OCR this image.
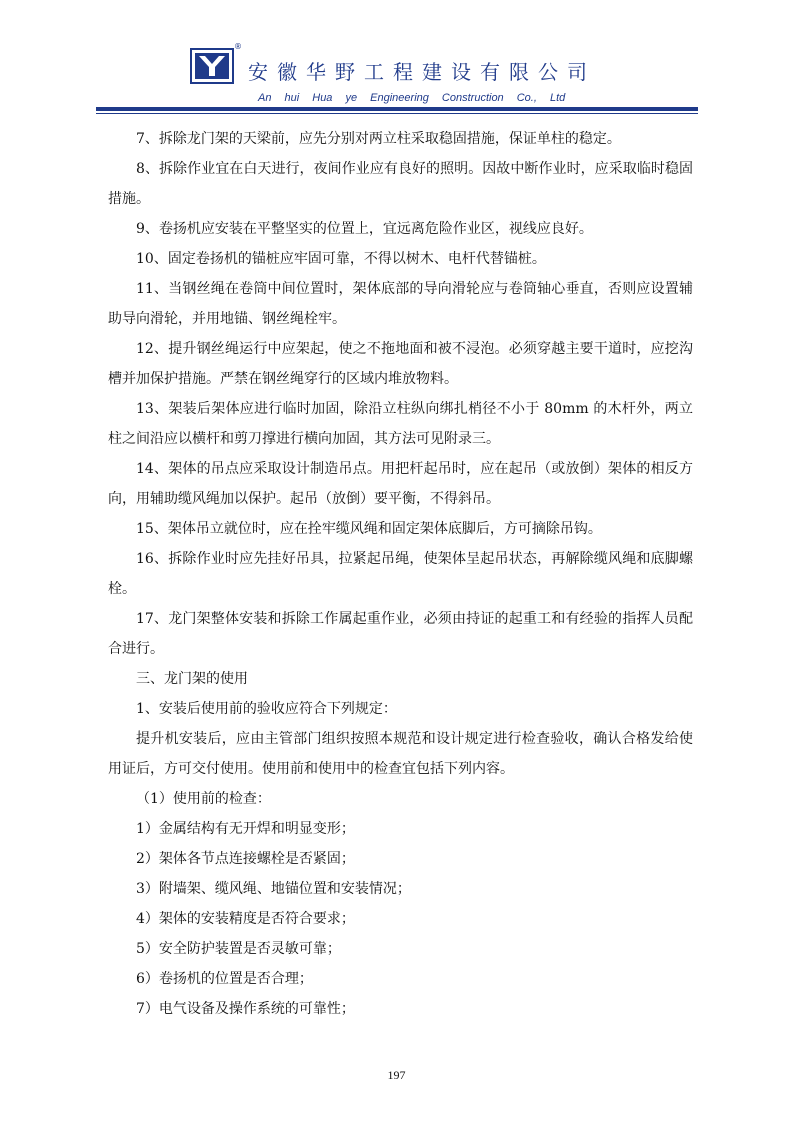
®
安徽华野工程建设有限公司
An hui Hua ye Engineering Construction Co., Ltd

7、拆除龙门架的天梁前，应先分别对两立柱采取稳固措施，保证单柱的稳定。

8、拆除作业宜在白天进行，夜间作业应有良好的照明。因故中断作业时，应采取临时稳固措施。

9、卷扬机应安装在平整坚实的位置上，宜远离危险作业区，视线应良好。

10、固定卷扬机的锚桩应牢固可靠，不得以树木、电杆代替锚桩。

11、当钢丝绳在卷筒中间位置时，架体底部的导向滑轮应与卷筒轴心垂直，否则应设置辅助导向滑轮，并用地锚、钢丝绳栓牢。

12、提升钢丝绳运行中应架起，使之不拖地面和被不浸泡。必须穿越主要干道时，应挖沟槽并加保护措施。严禁在钢丝绳穿行的区域内堆放物料。

13、架装后架体应进行临时加固，除沿立柱纵向绑扎梢径不小于 80mm 的木杆外，两立柱之间沿应以横杆和剪刀撑进行横向加固，其方法可见附录三。

14、架体的吊点应采取设计制造吊点。用把杆起吊时，应在起吊（或放倒）架体的相反方向，用辅助缆风绳加以保护。起吊（放倒）要平衡，不得斜吊。

15、架体吊立就位时，应在拴牢缆风绳和固定架体底脚后，方可摘除吊钩。

16、拆除作业时应先挂好吊具，拉紧起吊绳，使架体呈起吊状态，再解除缆风绳和底脚螺栓。

17、龙门架整体安装和拆除工作属起重作业，必须由持证的起重工和有经验的指挥人员配合进行。

三、龙门架的使用

1、安装后使用前的验收应符合下列规定：

提升机安装后，应由主管部门组织按照本规范和设计规定进行检查验收，确认合格发给使用证后，方可交付使用。使用前和使用中的检查宜包括下列内容。

（1）使用前的检查：

1）金属结构有无开焊和明显变形；

2）架体各节点连接螺栓是否紧固；

3）附墙架、缆风绳、地锚位置和安装情况；

4）架体的安装精度是否符合要求；

5）安全防护装置是否灵敏可靠；

6）卷扬机的位置是否合理；

7）电气设备及操作系统的可靠性；

197
